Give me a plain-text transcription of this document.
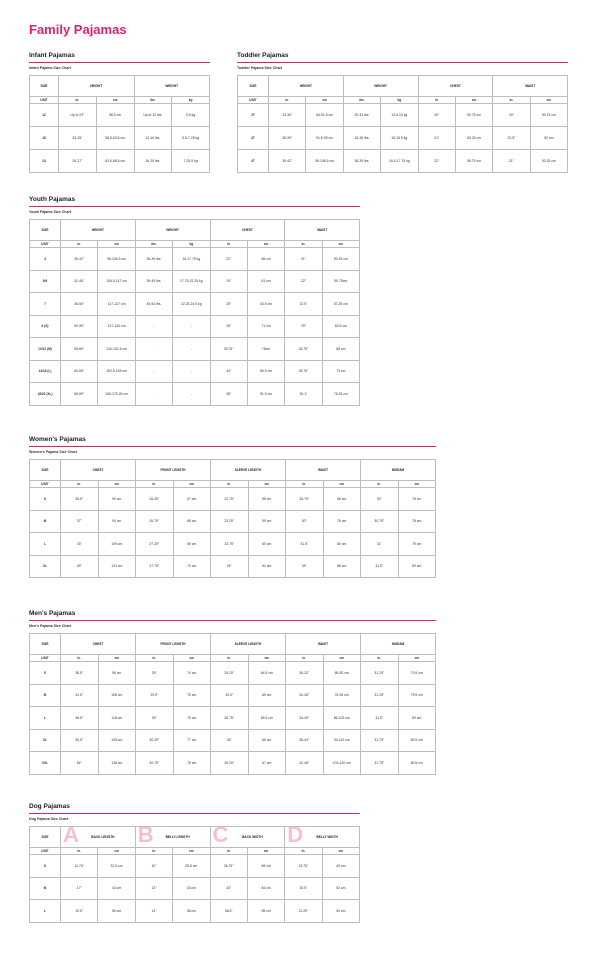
Family Pajamas
Infant Pajamas
Infant Pajama Size Chart
SIZE	HEIGHT		WEIGHT	
UNIT	in.	cm	lbs.	kg
12	Up to 23"	58.5 cm	Up to 12 lbs.	5.5 kg
18	23-25"	58.5-63.5 cm	12-16 lbs.	5.5-7.25 kg
24	25-27"	63.5-68.5 cm	16-20 lbs.	7.25-9 kg
Toddler Pajamas
Toddler Pajama Size Chart
SIZE	HEIGHT		WEIGHT		CHEST		WAIST	
UNIT	in.	cm	lbs.	kg	in.	cm	in.	cm
2T	33-36"	84-91.5 cm	30-33 lbs.	13.5-15 kg	20"	50.75 cm	20"	50.75 cm
3T	36-39"	91.5-99 cm	33-36 lbs.	15-16.5 kg	21"	53.25 cm	20.5"	52 cm
4T	39-42"	99-106.5 cm	36-39 lbs.	16.5-17.75 kg	22"	55.75 cm	21"	53.25 cm
Youth Pajamas
Youth Pajama Size Chart
SIZE	HEIGHT		WEIGHT		CHEST		WAIST	
UNIT	in.	cm	lbs.	kg	in.	cm	in.	cm
4	39-42"	99-106.5 cm	36-39 lbs.	16-17.75 kg	22"	56 cm	21"	53.25 cm
5/6	42-46"	106.5-117 cm	39-49 lbs.	17.75-22.25 kg	24"	61 cm	22"	55.75cm
7	46-50"	117-127 cm	49-54 lbs.	22.25-24.5 kg	25"	63.5 cm	22.5"	57.25 cm
8 (S)	50-55"	127-140 cm	-	-	28"	71 cm	25"	63.5 cm
10/12 (M)	55-60"	140-152.5 cm	-	-	30.75"	78cm	26.75"	68 cm
14/16 (L)	60-65"	152.5-165 cm	-	-	34"	86.5 cm	28.75"	73 cm
18/20 (XL)	65-69"	165-175.25 cm	-	-	36"	91.5 cm	30.1"	76.25 cm
Women's Pajamas
Women's Pajama Size Chart
SIZE	CHEST		FRONT LENGTH		SLEEVE LENGTH		WAIST		INSEAM	
UNIT	in.	cm	in.	cm	in.	cm	in.	cm	in.	cm
S	35.5"	90 cm	26.25"	67 cm	22.75"	58 cm	26.75"	68 cm	30"	76 cm
M	37"	94 cm	26.75"	68 cm	23.25"	59 cm	30"	76 cm	30.75"	78 cm
L	43"	109 cm	27.25"	69 cm	23.75"	60 cm	31.5"	80 cm	31"	79 cm
XL	49"	124 cm	27.75"	70 cm	24"	61 cm	34"	86 cm	31.5"	80 cm
Men's Pajamas
Men's Pajama Size Chart
SIZE	CHEST		FRONT LENGTH		SLEEVE LENGTH		WAIST		INSEAM	
UNIT	in.	cm	in.	cm	in.	cm	in.	cm	in.	cm
S	38.5"	98 cm	29"	74 cm	25.25"	64.5 cm	26-32"	68-82 cm	31.25"	79.5 cm
M	42.5"	108 cm	29.5"	75 cm	25.5"	65 cm	30-36"	76-92 cm	31.25"	79.5 cm
L	46.5"	118 cm	30"	76 cm	25.75"	65.5 cm	34-40"	86-102 cm	31.5"	80 cm
XL	50.5"	128 cm	30.25"	77 cm	26"	66 cm	38-44"	94-110 cm	31.75"	80.5 cm
XXL	54"	138 cm	30.75"	78 cm	26.25"	67 cm	42-46"	104-120 cm	31.75"	80.5 cm
Dog Pajamas
Dog Pajama Size Chart
SIZE	A BACK LENGTH		B BELLY LENGTH		C BACK WIDTH		D BELLY WIDTH	
UNIT	in.	cm	in.	cm	in.	cm	in.	cm
S	12.75"	32.5 cm	10"	25.5 cm	26.75"	68 cm	15.75"	40 cm
M	17"	43 cm	13"	33 cm	33"	84 cm	20.5"	52 cm
L	19.5"	50 cm	14"	36 cm	38.5"	98 cm	21.25"	54 cm
